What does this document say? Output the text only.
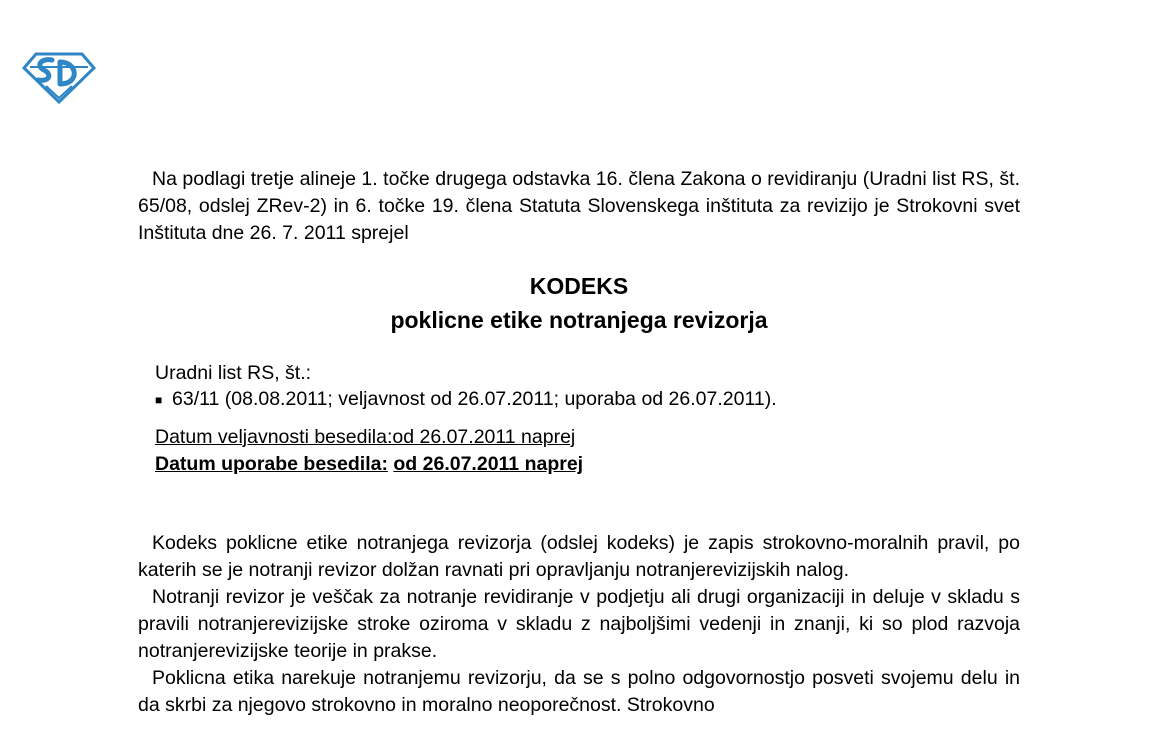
Na podlagi tretje alineje 1. točke drugega odstavka 16. člena Zakona o revidiranju (Uradni list RS, št. 65/08, odslej ZRev-2) in 6. točke 19. člena Statuta Slovenskega inštituta za revizijo je Strokovni svet Inštituta dne 26. 7. 2011 sprejel

KODEKS
poklicne etike notranjega revizorja
Uradni list RS, št.:
■ 63/11 (08.08.2011; veljavnost od 26.07.2011; uporaba od 26.07.2011).
Datum veljavnosti besedila:od 26.07.2011 naprej
Datum uporabe besedila: od 26.07.2011 naprej

Kodeks poklicne etike notranjega revizorja (odslej kodeks) je zapis strokovno-moralnih pravil, po katerih se je notranji revizor dolžan ravnati pri opravljanju notranjerevizijskih nalog.

Notranji revizor je veščak za notranje revidiranje v podjetju ali drugi organizaciji in deluje v skladu s pravili notranjerevizijske stroke oziroma v skladu z najboljšimi vedenji in znanji, ki so plod razvoja notranjerevizijske teorije in prakse.

Poklicna etika narekuje notranjemu revizorju, da se s polno odgovornostjo posveti svojemu delu in da skrbi za njegovo strokovno in moralno neoporečnost. Strokovno
